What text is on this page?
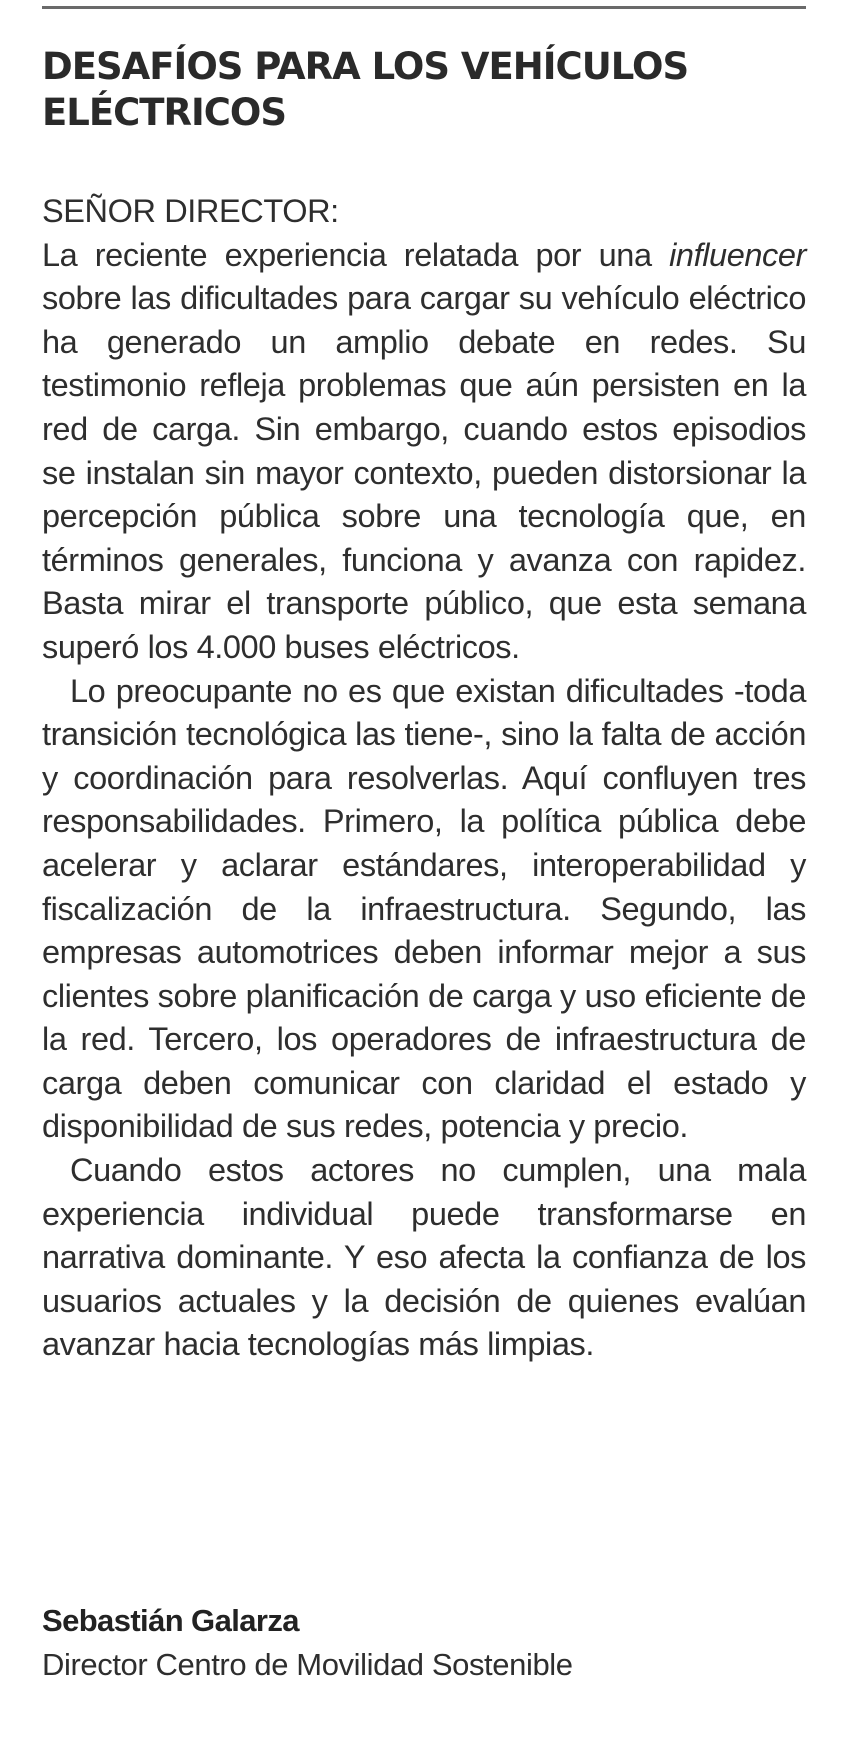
DESAFÍOS PARA LOS VEHÍCULOS ELÉCTRICOS

SEÑOR DIRECTOR:

La reciente experiencia relatada por una influencer sobre las dificultades para cargar su vehículo eléctrico ha generado un amplio debate en redes. Su testimonio refleja problemas que aún persisten en la red de carga. Sin embargo, cuando estos episodios se instalan sin mayor contexto, pueden distorsionar la percepción pública sobre una tecnología que, en términos generales, funciona y avanza con rapidez. Basta mirar el transporte público, que esta semana superó los 4.000 buses eléctricos.

Lo preocupante no es que existan dificultades -toda transición tecnológica las tiene-, sino la falta de acción y coordinación para resolverlas. Aquí confluyen tres responsabilidades. Primero, la política pública debe acelerar y aclarar estándares, interoperabilidad y fiscalización de la infraestructura. Segundo, las empresas automotrices deben informar mejor a sus clientes sobre planificación de carga y uso eficiente de la red. Tercero, los operadores de infraestructura de carga deben comunicar con claridad el estado y disponibilidad de sus redes, potencia y precio.

Cuando estos actores no cumplen, una mala experiencia individual puede transformarse en narrativa dominante. Y eso afecta la confianza de los usuarios actuales y la decisión de quienes evalúan avanzar hacia tecnologías más limpias.

Sebastián Galarza

Director Centro de Movilidad Sostenible
